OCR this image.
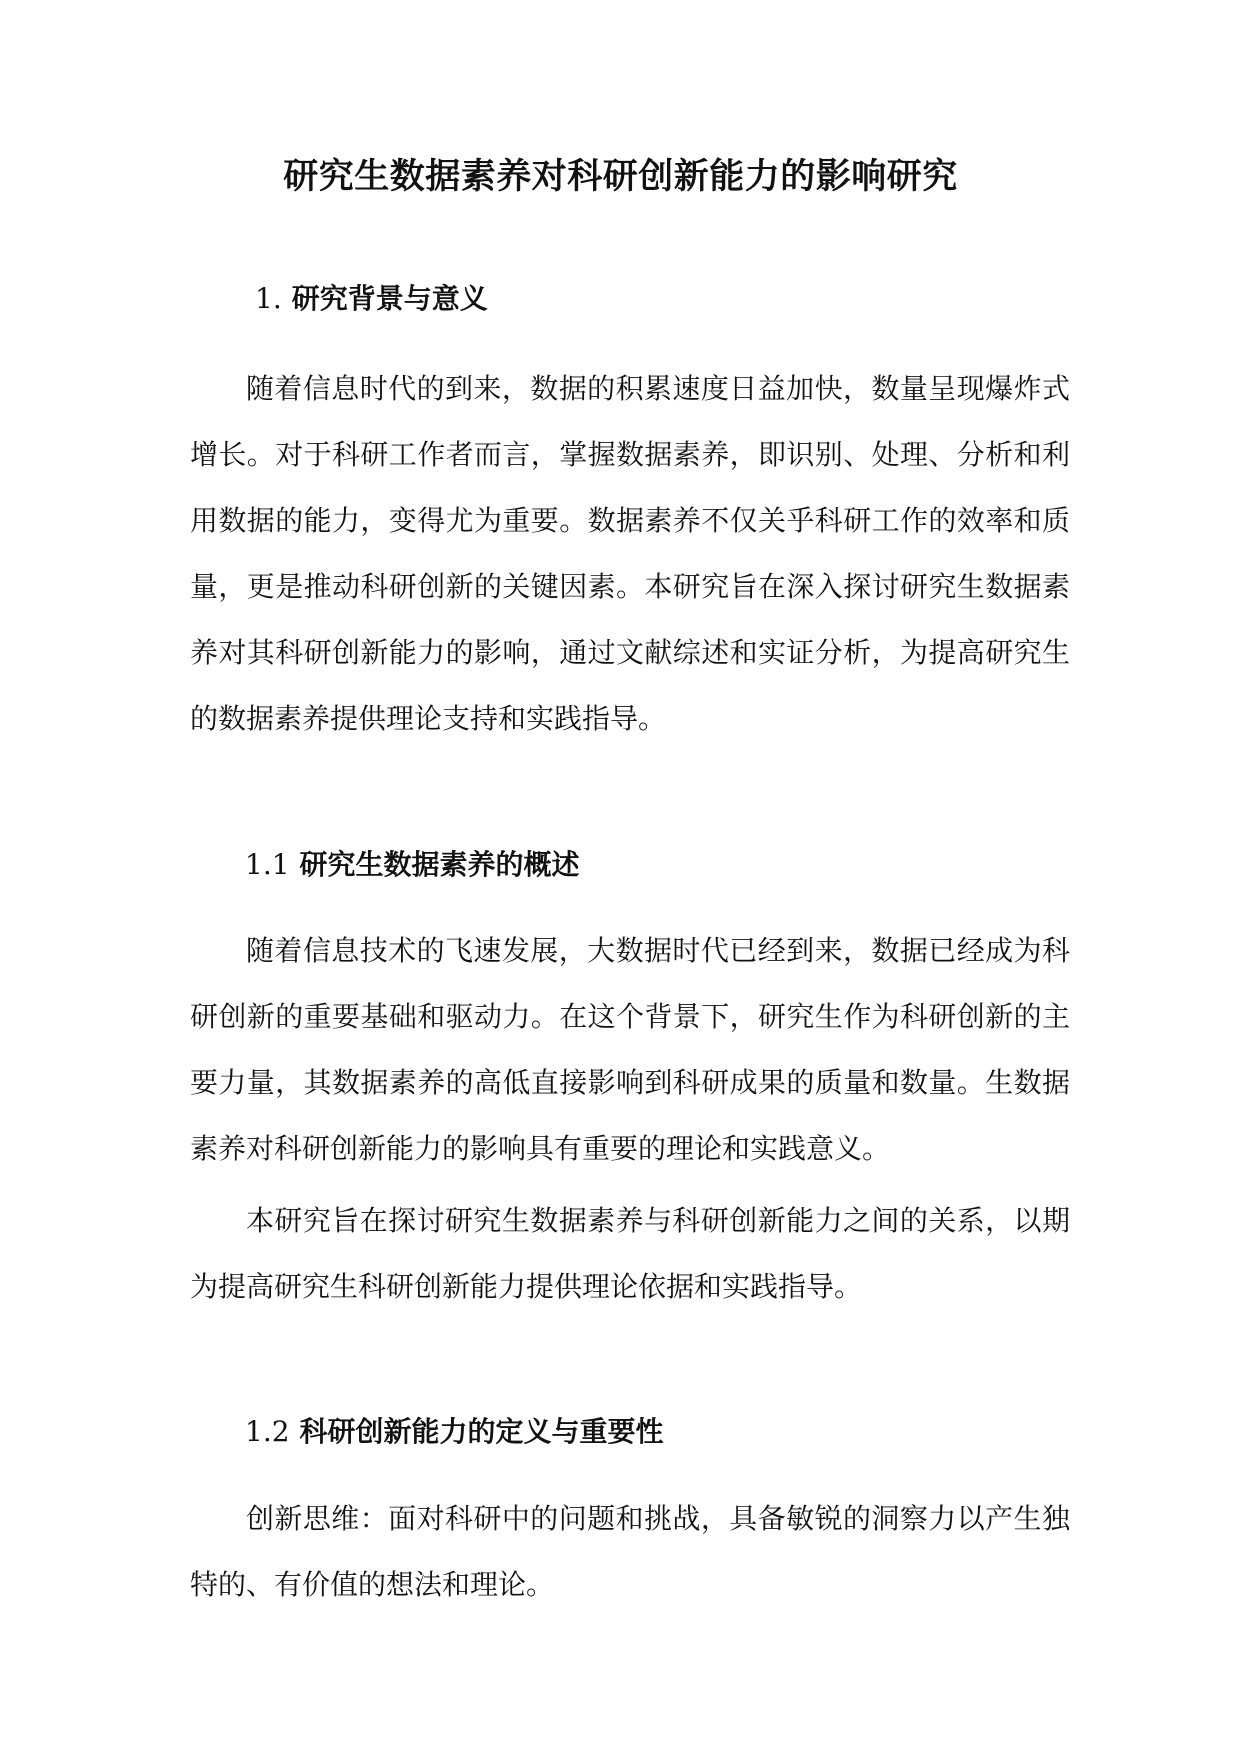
研究生数据素养对科研创新能力的影响研究
1. 研究背景与意义

随着信息时代的到来，数据的积累速度日益加快，数量呈现爆炸式增长。对于科研工作者而言，掌握数据素养，即识别、处理、分析和利用数据的能力，变得尤为重要。数据素养不仅关乎科研工作的效率和质量，更是推动科研创新的关键因素。本研究旨在深入探讨研究生数据素养对其科研创新能力的影响，通过文献综述和实证分析，为提高研究生的数据素养提供理论支持和实践指导。

1.1 研究生数据素养的概述

随着信息技术的飞速发展，大数据时代已经到来，数据已经成为科研创新的重要基础和驱动力。在这个背景下，研究生作为科研创新的主要力量，其数据素养的高低直接影响到科研成果的质量和数量。生数据素养对科研创新能力的影响具有重要的理论和实践意义。

本研究旨在探讨研究生数据素养与科研创新能力之间的关系，以期为提高研究生科研创新能力提供理论依据和实践指导。

1.2 科研创新能力的定义与重要性

创新思维：面对科研中的问题和挑战，具备敏锐的洞察力以产生独特的、有价值的想法和理论。
